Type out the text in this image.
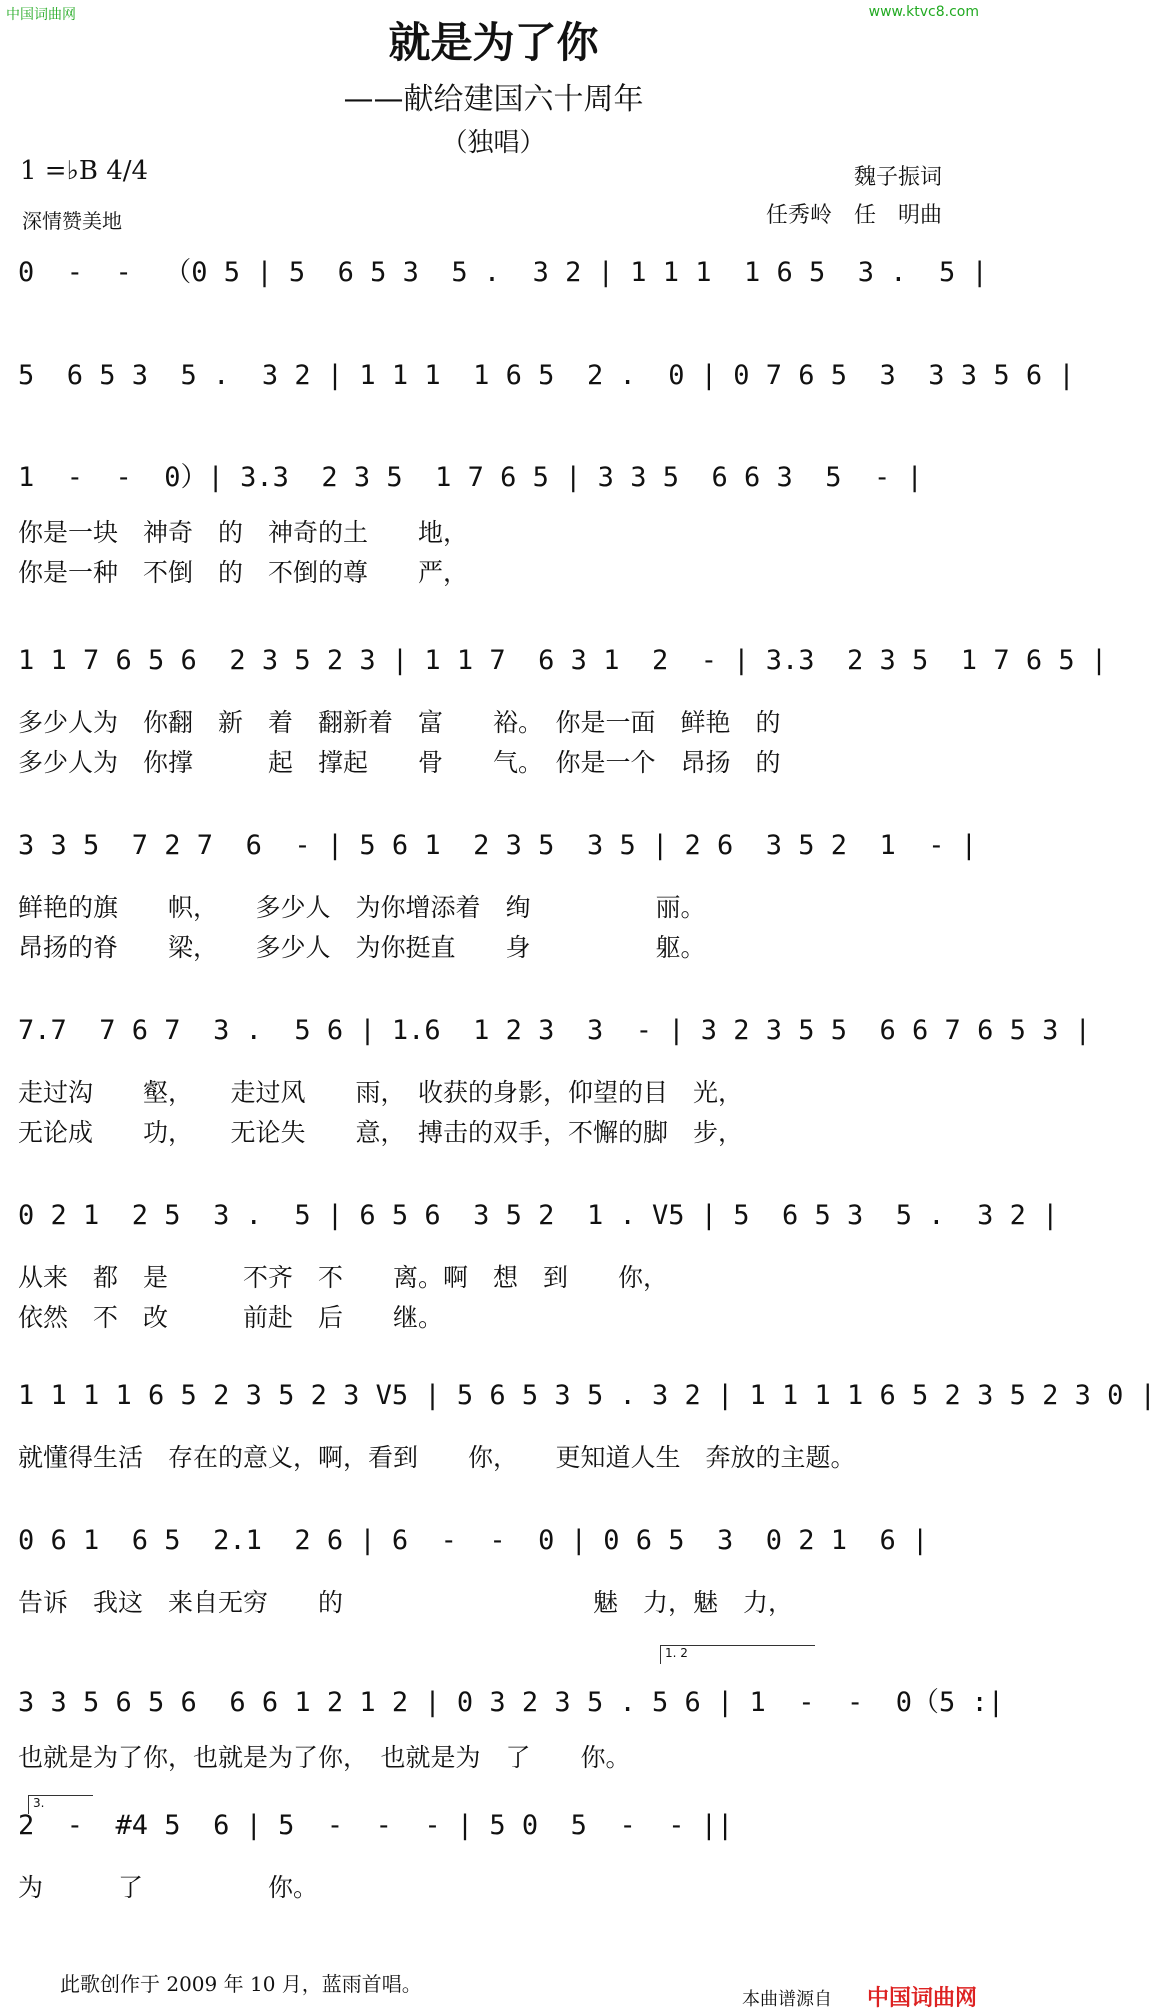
中国词曲网	www.ktvc8.com
就是为了你
——献给建国六十周年
（独唱）
1 =♭B 4/4
深情赞美地
魏子振词
任秀岭　任　明曲
0  -  -  （0 5 | 5  6 5 3  5 .  3 2 | 1 1 1  1 6 5  3 .  5 |
5  6 5 3  5 .  3 2 | 1 1 1  1 6 5  2 .  0 | 0 7 6 5  3  3 3 5 6 |
1  -  -  0）| 3.3  2 3 5  1 7 6 5 | 3 3 5  6 6 3  5  - |
你是一块　神奇　的　神奇的土　　地，
你是一种　不倒　的　不倒的尊　　严，
1 1 7 6 5 6  2 3 5 2 3 | 1 1 7  6 3 1  2  - | 3.3  2 3 5  1 7 6 5 |
多少人为　你翻　新　着　翻新着　富　　裕。　你是一面　鲜艳　的
多少人为　你撑　　　起　撑起　　骨　　气。　你是一个　昂扬　的
3 3 5  7 2 7  6  - | 5 6 1  2 3 5  3 5 | 2 6  3 5 2  1  - |
鲜艳的旗　　帜，　　多少人　为你增添着　绚　　　　　丽。
昂扬的脊　　梁，　　多少人　为你挺直　　身　　　　　躯。
7.7  7 6 7  3 .  5 6 | 1.6  1 2 3  3  - | 3 2 3 5 5  6 6 7 6 5 3 |
走过沟　　壑，　　走过风　　雨，　收获的身影，仰望的目　光，
无论成　　功，　　无论失　　意，　搏击的双手，不懈的脚　步，
0 2 1  2 5  3 .  5 | 6 5 6  3 5 2  1 . V5 | 5  6 5 3  5 .  3 2 |
从来　都　是　　　不齐　不　　离。啊　想　到　　你，
依然　不　改　　　前赴　后　　继。
1 1 1 1 6 5 2 3 5 2 3 V5 | 5 6 5 3 5 . 3 2 | 1 1 1 1 6 5 2 3 5 2 3 0 |
就懂得生活　存在的意义，啊，看到　　你，　　更知道人生　奔放的主题。
0 6 1  6 5  2.1  2 6 | 6  -  -  0 | 0 6 5  3  0 2 1  6 |
告诉　我这　来自无穷　　的　　　　　　　　　　魅　力，魅　力，
3 3 5 6 5 6  6 6 1 2 1 2 | 0 3 2 3 5 . 5 6 | 1  -  -  0（5 :|
也就是为了你，也就是为了你，　也就是为　了　　你。
2  -  #4 5  6 | 5  -  -  - | 5 0  5  -  - ||
为　　　了　　　　　你。
1. 2
3.
此歌创作于 2009 年 10 月，蓝雨首唱。
本曲谱源自 中国词曲网
